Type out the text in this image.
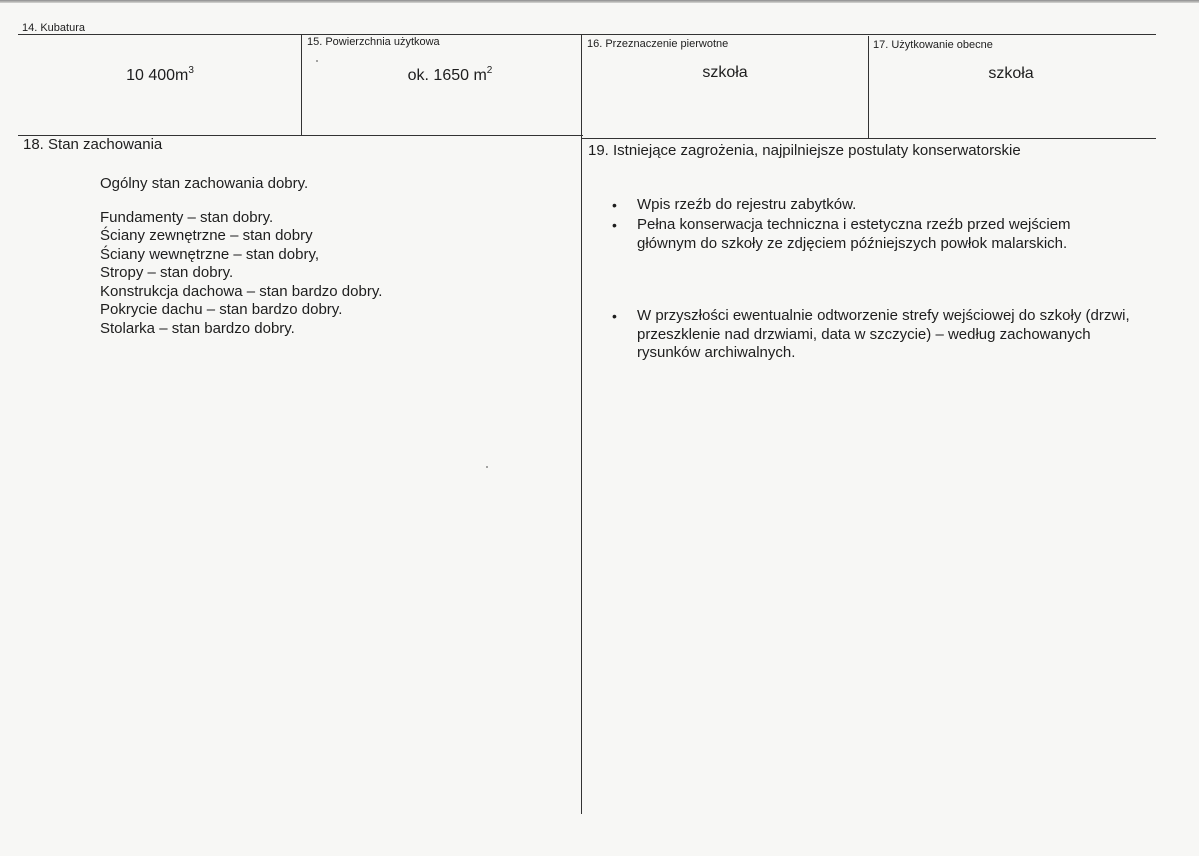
14. Kubatura
10 $400m^3$
15. Powierzchnia użytkowa
ok. 1650 $m^2$
16. Przeznaczenie pierwotne
szkoła
17. Użytkowanie obecne
szkoła
18. Stan zachowania
Ogólny stan zachowania dobry.
Fundamenty – stan dobry.
Ściany zewnętrzne – stan dobry
Ściany wewnętrzne – stan dobry,
Stropy – stan dobry.
Konstrukcja dachowa – stan bardzo dobry.
Pokrycie dachu – stan bardzo dobry.
Stolarka – stan bardzo dobry.
19. Istniejące zagrożenia, najpilniejsze postulaty konserwatorskie
•	Wpis rzeźb do rejestru zabytków.
•	Pełna konserwacja techniczna i estetyczna rzeźb przed wejściem
głównym do szkoły ze zdjęciem późniejszych powłok malarskich.
•	W przyszłości ewentualnie odtworzenie strefy wejściowej do szkoły (drzwi,
przeszklenie nad drzwiami, data w szczycie) – według zachowanych
rysunków archiwalnych.
